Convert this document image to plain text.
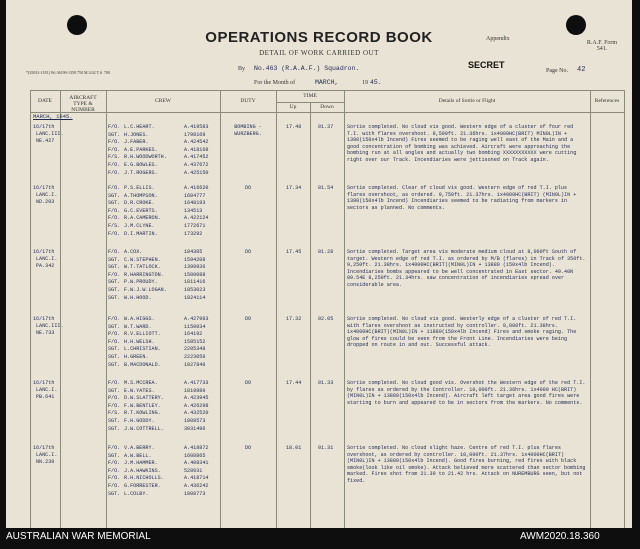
OPERATIONS RECORD BOOK
DETAIL OF WORK CARRIED OUT
Appendix
R.A.F. Form 541.
By No.463 (R.A.A.F.) Squadron.	SECRET
Page No. 42
*(35031-1181) Wt.36190-1358 750 M.3/42 T.S. 700
For the Month of	MARCH,	19 45.
DATE	AIRCRAFT TYPE & NUMBER
CREW	DUTY
TIME
Up	Down
Details of Sortie or Flight	References
MARCH, 1945.
16/17th
LANC.III.
NE.427
F/O. L.C.HEART.	A.419583
SGT. H.JONES.	1798169
F/O. J.FABER.	A.424542
F/O. A.E.PARKES.	A.418168
F/S. R.H.WOODWORTH.	A.417452
F/O. E.G.BOWLES.	A.437672
F/O. J.T.ROGERS.	A.425150
BOMBING - WURZBERG.
17.48	01.37	Sortie completed. No cloud vis good. Western edge of a cluster of four red T.I. with flares overshoot. 9,500ft. 21.36hrs. 1x4000HC(BRIT) MIN0L)IN + 1380(150x4lb Incend) Fires seemed to be raging well east of the Main and a good concentration of bombing was achieved. Aircraft were approaching the bombing run at all angles and actually two bombing XXXXXXXXXXX were cutting right over our Track. Incendiaries were jettisoned on Track again.
16/17th
LANC.I.
ND.203
F/O. P.S.ELLIS.	A.416620
SGT. A.THOMPSON.	1604777
SGT. D.R.CROKE.	1648193
F/O. G.C.EVERTS.	134513
F/O. R.A.CAMERON.	A.422124
F/S. J.M.CLYNE.	1772671
F/O. D.I.MARTIN.	173292
DO	17.34	01.54	Sortie completed. Clear of cloud vis good. Western edge of red T.I. plus flares overshoot, as ordered. 9,750ft. 21.37hrs. 1x4000HC(BRIT) (MIN0L)IN + 1380(150x4lb Incend) Incendiaries seemed to be radiating from markers in sectors as planned. No comments.
16/17th
LANC.I.
PA.342
F/O. A.COX.	184305
SGT. C.W.STEPHEN.	1594208
SGT. W.T.TATLOCK.	1399936
F/O. R.HARRINGTON.	1500088
SGT. P.W.PROUDY.	1811416
SGT. F.W.J.W.LOGAN.	1853023
SGT. W.H.HOOD.	1824114
DO	17.45	01.28	Sortie completed. Target area vis moderate medium cloud at 8,000ft South of target. Western edge of red T.I. as ordered by M/B (flares) in Track of 350ft. 9,250ft. 21.38hrs. 1x4000HC(BRIT)(MIN0L)IN + 13880 (150x4lb Incend). Incendiaries bombs appeared to be well concentrated in East sector. 49.40N 09.54E 8,250ft. 21.34hrs. saw concentration of incendiaries spread over considerable area.
16/17th
LANC.III.
NE.733
F/O. W.A.HIGGS.	A.427983
SGT. W.T.WARD.	1150034
P/O. R.V.ELLIOTT.	164192
F/O. H.H.WELSH.	1585152
SGT. L.CHRISTIAN.	2205348
SGT. H.GREEN.	2223050
SGT. B.MACDONALD.	1827840
DO	17.32	02.05	Sortie completed. No cloud vis good. Westerly edge of a cluster of red T.I. with flares overshoot as instructed by controller. 9,000ft. 21.38hrs. 1x4000HC(BRIT)(MIN0L)IN + 11880(150x4lb Incend) Fires and smoke raging. The glow of fires could be seen from the Front Line. Incendiaries were being dropped on route in and out. Successful attack.
16/17th
LANC.I.
PB.641
F/O. M.S.MCCREA.	A.417733
SGT. E.W.YATES.	1819889
P/O. D.W.SLATTERY.	A.423945
F/O. F.W.BENTLEY.	A.426298
F/S. R.T.KOWLING.	A.432520
SGT. F.H.GODDY.	1808573
SGT. J.W.COTTRELL.	3031496
DO	17.44	01.33	Sortie completed. No cloud good vis. Overshot the Western edge of the red T.I. by flares as ordered by the Controller. 10,000ft. 21.36hrs. 1x4000 HC(BRIT)(MIN0L)IN + 13880(150x4lb Incend). Aircraft left target area good fires were starting to burn and appeared to be in sectors from the markers. No comments.
16/17th
LANC.I.
NN.239
F/O. V.A.BERRY.	A.418872
SGT. A.W.BELL.	1608865
F/O. J.M.HAMMER.	A.408341
F/O. J.A.HAWKINS.	528931
F/O. R.H.NICHOLLS.	A.418714
F/O. G.FORRESTER.	A.436242
SGT. L.COLBY.	1808773
DO	18.01	01.31	Sortie completed. No cloud slight haze. Centre of red T.I. plus flares overshoot, as ordered by controller. 10,000ft. 21.37hrs. 1x4000HC(BRIT) (MIN0L)IN + 13880(150x4lb Incend). Good fires burning, red fires with black smoke(look like oil smoke). Attack believed more scattered than sector bombing marked. Fires shot from 21.30 to 21.42 hrs. Attack on NUREMBURG seen, but not fixed.
AUSTRALIAN WAR MEMORIAL	AWM2020.18.360
